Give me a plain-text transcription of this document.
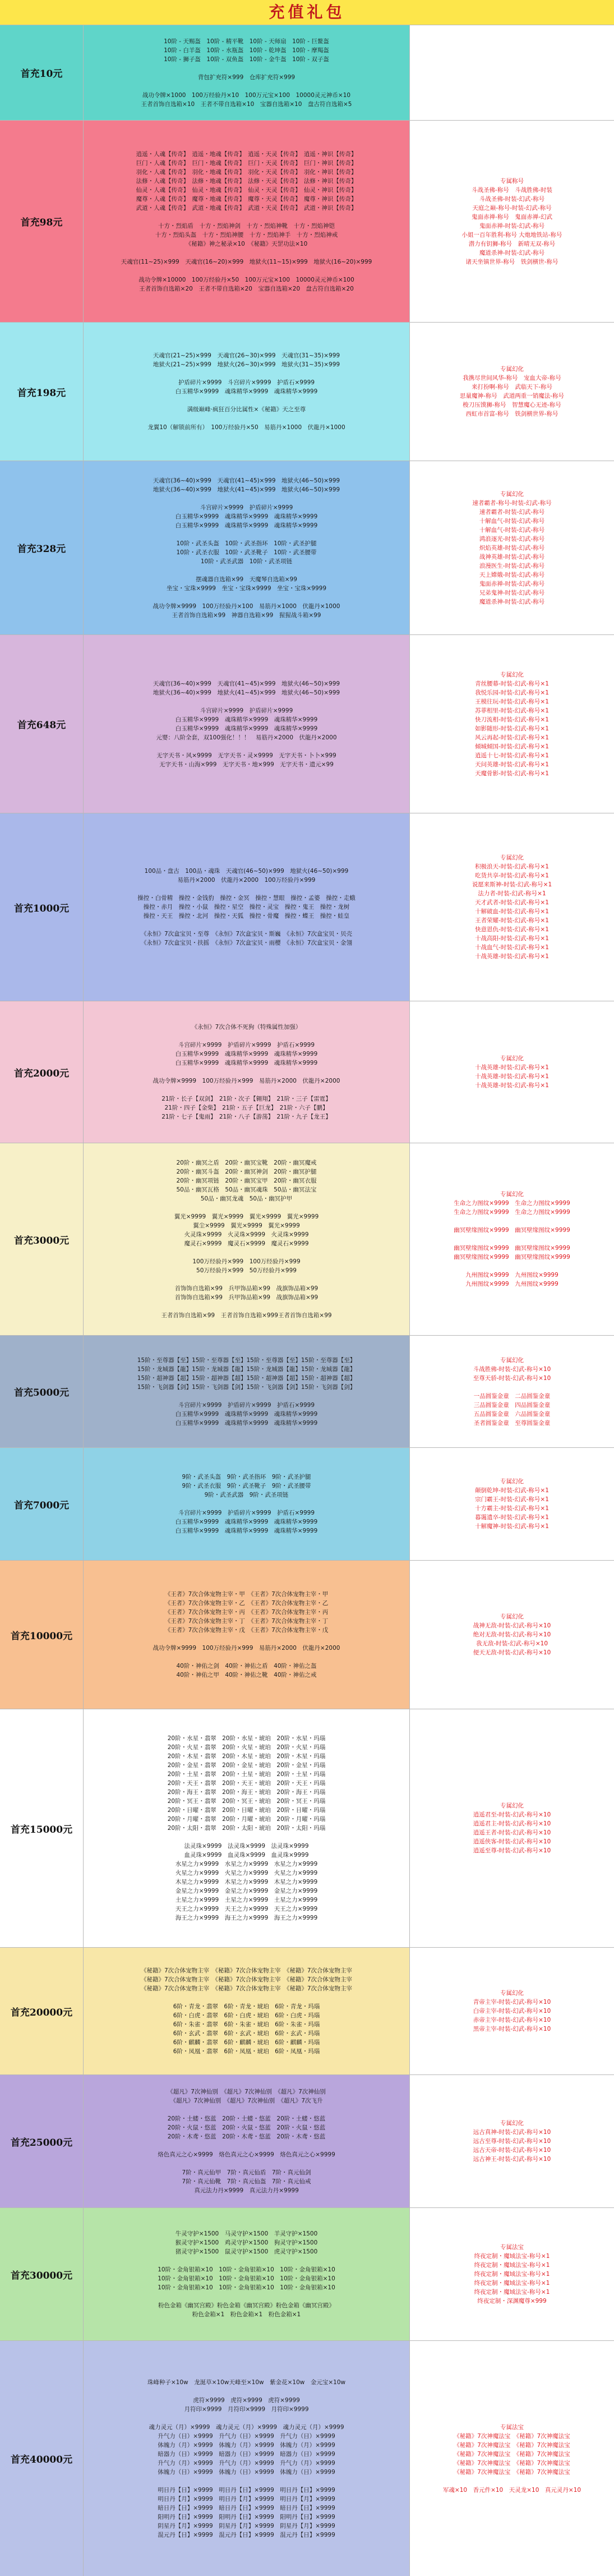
充值礼包
首充10元
10阶 - 天赐盔　10阶 - 精平靴　10阶 - 天师扇　10阶 - 巨鳌盔
10阶 - 白羊盔　10阶 - 水瓶盔　10阶 - 乾坤盔　10阶 - 摩羯盔
10阶 - 狮子盔　10阶 - 双鱼盔　10阶 - 金牛盔　10阶 - 双子盔

背包扩充符×999　仓库扩充符×999

战功令牌×1000　100万经验丹×10　100万元宝×100　10000灵元神币×10
王者首饰自选箱×10　王者不带自选箱×10　宝器自选箱×10　盘古符自选箱×5
首充98元
逍遥・人魂【传奇】　逍遥・地魂【传奇】　逍遥・天灵【传奇】　逍遥・神识【传奇】
巨门・人魂【传奇】　巨门・地魂【传奇】　巨门・天灵【传奇】　巨门・神识【传奇】
羽化・人魂【传奇】　羽化・地魂【传奇】　羽化・天灵【传奇】　羽化・神识【传奇】
法修・人魂【传奇】　法修・地魂【传奇】　法修・天灵【传奇】　法修・神识【传奇】
仙灵・人魂【传奇】　仙灵・地魂【传奇】　仙灵・天灵【传奇】　仙灵・神识【传奇】
魔尊・人魂【传奇】　魔尊・地魂【传奇】　魔尊・天灵【传奇】　魔尊・神识【传奇】
武道・人魂【传奇】　武道・地魂【传奇】　武道・天灵【传奇】　武道・神识【传奇】

十方・烈焰盾　十方・烈焰神剑　十方・烈焰神靴　十方・烈焰神铠
十方・烈焰头盔　十方・烈焰神腰　十方・烈焰神手　十方・烈焰神戒
《秘籍》神之秘录×10　《秘籍》天罡功法×10

天魂官(11~25)×999　天魂官(16~20)×999　地狱火(11~15)×999　地狱火(16~20)×999

战功令牌×10000　100万经验丹×50　100万元宝×100　10000灵元神币×100
王者首饰自选箱×20　王者不带自选箱×20　宝器自选箱×20　盘古符自选箱×20
专属称号
斗战圣佛-称号　斗战胜佛-时装
斗战圣佛-时装-幻武-称号
天庭之巅-称号-时装-幻武-称号
鬼面赤禅-称号　鬼面赤禅-幻武
鬼面赤禅-时装-幻武-称号
小姐一百年胜利-称号 大炮地铁站-称号
潜力有钥狮-称号　新晴无双-称号
魔道杀神-时装-幻武-称号
诸天坐镇世界-称号　铁剑横世-称号
首充198元
天魂官(21~25)×999　天魂官(26~30)×999　天魂官(31~35)×999
地狱火(21~25)×999　地狱火(26~30)×999　地狱火(31~35)×999

护盾碎片×9999　斗宫碎片×9999　护盾石×9999
白玉精华×9999　魂珠精华×9999　魂珠精华×9999

满级巅峰·疯狂百分比属性×《秘籍》天之至尊

龙翼10（解锁前所有）　100万经验丹×50　易筋丹×1000　伏龍丹×1000
专属幻化
我携尽世间风华-称号　宠血大帝-称号
来打扮啊-称号　武临天下-称号
思量魔神-称号　武道两重一销魔法-称号
梭刀压馍狮-称号　智慧魔心无迹-称号
西虹市首富-称号　铁剑横世界-称号
首充328元
天魂官(36~40)×999　天魂官(41~45)×999　地狱火(46~50)×999
地狱火(36~40)×999　地狱火(41~45)×999　地狱火(46~50)×999

斗宫碎片×9999　护盾碎片×9999
白玉精华×9999　魂珠精华×9999　魂珠精华×9999
白玉精华×9999　魂珠精华×9999　魂珠精华×9999

10阶・武圣头盔　10阶・武圣指环　10阶・武圣护腿
10阶・武圣衣服　10阶・武圣靴子　10阶・武圣腰带
10阶・武圣武器　10阶・武圣项链

摆魂器自选箱×99　天魔琴自选箱×99
坐宝・宝珠×9999　坐宝・宝珠×9999　坐宝・宝珠×9999

战功令牌×9999　100万经验丹×100　易筋丹×1000　伏龍丹×1000
王者首饰自选箱×99　神器自选箱×99　猩猩战斗箱×99
专属幻化
速者霸者-称号-时装-幻武-称号
速者霸者-时装-幻武-称号
十解血气-时装-幻武-称号
十解血气-时装-幻武-称号
鸿浪逐光-时装-幻武-称号
炽焰英雄-时装-幻武-称号
战神英雄-时装-幻武-称号
浪漫医生-时装-幻武-称号
天上嫦娥-时装-幻武-称号
鬼面赤禅-时装-幻武-称号
兄弟鬼神-时装-幻武-称号
魔道杀神-时装-幻武-称号
首充648元
天魂官(36~40)×999　天魂官(41~45)×999　地狱火(46~50)×999
地狱火(36~40)×999　地狱火(41~45)×999　地狱火(46~50)×999

斗宫碎片×9999　护盾碎片×9999
白玉精华×9999　魂珠精华×9999　魂珠精华×9999
白玉精华×9999　魂珠精华×9999　魂珠精华×9999
元婴：八阶全套，双100强化！！！　易筋丹×2000　伏龍丹×2000

无字天书・风×9999　无字天书・灵×9999　无字天书・卜卜×999
无字天书・山海×999　无字天书・地×999　无字天书・遗元×99
专属幻化
青丝腰幕-时装-幻武-称号×1
我悦乐园-时装-幻武-称号×1
王模往玩-时装-幻武-称号×1
苏菲相里-时装-幻武-称号×1
快刀流相-时装-幻武-称号×1
如影随形-时装-幻武-称号×1
风云再起-时装-幻武-称号×1
倾城倾国-时装-幻武-称号×1
逍遥十七-时装-幻武-称号×1
天问英雄-时装-幻武-称号×1
天魔骨影-时装-幻武-称号×1
首充1000元
100品・盘古　100品・魂珠　天魂官(46~50)×999　地狱火(46~50)×999
易筋丹×2000　伏龍丹×2000　100万经验丹×999

操控・白骨精　操控・金钱豹　操控・金冥　操控・慧眼　操控・孟婆　操控・走蛾
操控・赤月　操控・小鼠　操控・星空　操控・灵宝　操控・鬼王　操控・龙树
操控・天王　操控・北河　操控・天狐　操控・骨魔　操控・蝶王　操控・蛙皇

《永恒》7次盒宝贝・至尊　《永恒》7次盒宝贝・斯巍　《永恒》7次盒宝贝・贝壳
《永恒》7次盒宝贝・扶摇　《永恒》7次盒宝贝・雨樱　《永恒》7次盒宝贝・金翎
专属幻化
积极浪天-时装-幻武-称号×1
吃货共享-时装-幻武-称号×1
说愿来斯神-时装-幻武-称号×1
法力者-时装-幻武-称号×1
天才武者-时装-幻武-称号×1
十解破血-时装-幻武-称号×1
王者荣耀-时装-幻武-称号×1
快意恩仇-时装-幻武-称号×1
十战高阳-时装-幻武-称号×1
十战血气-时装-幻武-称号×1
十战英雄-时装-幻武-称号×1
首充2000元
《永恒》7次合体不死狗（特殊属性加强）

斗宫碎片×9999　护盾碎片×9999　护盾石×9999
白玉精华×9999　魂珠精华×9999　魂珠精华×9999
白玉精华×9999　魂珠精华×9999　魂珠精华×9999

战功令牌×9999　100万经验丹×999　易筋丹×2000　伏龍丹×2000

21阶・长子【双剑】　21阶・次子【翱翔】　21阶・三子【雷霆】
21阶・四子【金柴】　21阶・五子【巨龙】　21阶・六子【鹏】
21阶・七子【鬼雨】　21阶・八子【游荡】　21阶・九子【龙王】
专属幻化
十战英雄-时装-幻武-称号×1
十战英雄-时装-幻武-称号×1
十战英雄-时装-幻武-称号×1
首充3000元
20阶・幽冥之盾　20阶・幽冥宝靴　20阶・幽冥魔戒
20阶・幽冥斗盔　20阶・幽冥神剑　20阶・幽冥护腿
20阶・幽冥项链　20阶・幽冥宝甲　20阶・幽冥衣服
50品・幽冥瓦格　50品・幽冥魂珠　50品・幽冥法宝
50品・幽冥龙魂　50品・幽冥护甲

翼光×9999　翼光×9999　翼光×9999　翼光×9999
翼尘×9999　翼光×9999　翼光×9999
火灵珠×9999　火灵珠×9999　火灵珠×9999
魔灵石×9999　魔灵石×9999　魔灵石×9999

100万经验丹×999　100万经验丹×999
50万经验丹×999　50万经验丹×999

首饰饰自选箱×99　兵甲饰品箱×99　战旗饰品箱×99
首饰饰自选箱×99　兵甲饰品箱×99　战旗饰品箱×99

王者首饰自选箱×99　王者首饰自选箱×999王者首饰自选箱×99
专属幻化
生命之力图纹×9999　生命之力图纹×9999
生命之力图纹×9999　生命之力图纹×9999

幽冥壁缘图纹×9999　幽冥壁缘图纹×9999

幽冥壁缘图纹×9999　幽冥壁缘图纹×9999
幽冥壁缘图纹×9999　幽冥壁缘图纹×9999

九州图纹×9999　九州图纹×9999
九州图纹×9999　九州图纹×9999
首充5000元
15阶・至尊器【至】15阶・至尊器【至】15阶・至尊器【至】15阶・至尊器【至】
15阶・龙城器【龍】15阶・龙城器【龍】15阶・龙城器【龍】15阶・龙城器【龍】
15阶・超神器【超】15阶・超神器【超】15阶・超神器【超】15阶・超神器【超】
15阶・飞剑器【剑】15阶・飞剑器【剑】15阶・飞剑器【剑】15阶・飞剑器【剑】

斗宫碎片×9999　护盾碎片×9999　护盾石×9999
白玉精华×9999　魂珠精华×9999　魂珠精华×9999
白玉精华×9999　魂珠精华×9999　魂珠精华×9999
专属幻化
斗战胜佛-时装-幻武-称号×10
至尊天骄-时装-幻武-称号×10

一品圆鉴金童　二品圆鉴金童
三品圆鉴金童　四品圆鉴金童
五品圆鉴金童　六品圆鉴金童
圣者圆鉴金童　至尊圆鉴金童
首充7000元
9阶・武圣头盔　9阶・武圣指环　9阶・武圣护腿
9阶・武圣衣服　9阶・武圣靴子　9阶・武圣腰带
9阶・武圣武器　9阶・武圣项链

斗宫碎片×9999　护盾碎片×9999　护盾石×9999
白玉精华×9999　魂珠精华×9999　魂珠精华×9999
白玉精华×9999　魂珠精华×9999　魂珠精华×9999
专属幻化
颠倒乾坤-时装-幻武-称号×1
宗门霸王-时装-幻武-称号×1
十方霸主-时装-幻武-称号×1
暮霭遗卒-时装-幻武-称号×1
十解魔神-时装-幻武-称号×1
首充10000元
《王者》7次合体宠物主宰・甲　《王者》7次合体宠物主宰・甲
《王者》7次合体宠物主宰・乙　《王者》7次合体宠物主宰・乙
《王者》7次合体宠物主宰・丙　《王者》7次合体宠物主宰・丙
《王者》7次合体宠物主宰・丁　《王者》7次合体宠物主宰・丁
《王者》7次合体宠物主宰・戊　《王者》7次合体宠物主宰・戊

战功令牌×9999　100万经验丹×999　易筋丹×2000　伏龍丹×2000

40阶・神佑之剑　40阶・神佑之盾　40阶・神佑之盔
40阶・神佑之甲　40阶・神佑之靴　40阶・神佑之戒
专属幻化
战神无敌-时装-幻武-称号×10
绝对无敌-时装-幻武-称号×10
我无敌-时装-幻武-称号×10
便天无敌-时装-幻武-称号×10
首充15000元
20阶・水星・翡翠　20阶・水星・琥珀　20阶・水星・玛瑙
20阶・火星・翡翠　20阶・火星・琥珀　20阶・火星・玛瑙
20阶・木星・翡翠　20阶・木星・琥珀　20阶・木星・玛瑙
20阶・金星・翡翠　20阶・金星・琥珀　20阶・金星・玛瑙
20阶・土星・翡翠　20阶・土星・琥珀　20阶・土星・玛瑙
20阶・天王・翡翠　20阶・天王・琥珀　20阶・天王・玛瑙
20阶・海王・翡翠　20阶・海王・琥珀　20阶・海王・玛瑙
20阶・冥王・翡翠　20阶・冥王・琥珀　20阶・冥王・玛瑙
20阶・日曜・翡翠　20阶・日曜・琥珀　20阶・日曜・玛瑙
20阶・月曜・翡翠　20阶・月曜・琥珀　20阶・月曜・玛瑙
20阶・太阳・翡翠　20阶・太阳・琥珀　20阶・太阳・玛瑙

法灵珠×9999　法灵珠×9999　法灵珠×9999
血灵珠×9999　血灵珠×9999　血灵珠×9999
水星之力×9999　水星之力×9999　水星之力×9999
火星之力×9999　火星之力×9999　火星之力×9999
木星之力×9999　木星之力×9999　木星之力×9999
金星之力×9999　金星之力×9999　金星之力×9999
土星之力×9999　土星之力×9999　土星之力×9999
天王之力×9999　天王之力×9999　天王之力×9999
海王之力×9999　海王之力×9999　海王之力×9999
专属幻化
逍遥君至-时装-幻武-称号×10
逍遥君主-时装-幻武-称号×10
逍遥王者-时装-幻武-称号×10
逍遥侠客-时装-幻武-称号×10
逍遥至尊-时装-幻武-称号×10
首充20000元
《秘籍》7次合体宠物主宰　《秘籍》7次合体宠物主宰　《秘籍》7次合体宠物主宰
《秘籍》7次合体宠物主宰　《秘籍》7次合体宠物主宰　《秘籍》7次合体宠物主宰
《秘籍》7次合体宠物主宰　《秘籍》7次合体宠物主宰　《秘籍》7次合体宠物主宰

6阶・青龙・翡翠　6阶・青龙・琥珀　6阶・青龙・玛瑙
6阶・白虎・翡翠　6阶・白虎・琥珀　6阶・白虎・玛瑙
6阶・朱雀・翡翠　6阶・朱雀・琥珀　6阶・朱雀・玛瑙
6阶・玄武・翡翠　6阶・玄武・琥珀　6阶・玄武・玛瑙
6阶・麒麟・翡翠　6阶・麒麟・琥珀　6阶・麒麟・玛瑙
6阶・凤凰・翡翠　6阶・凤凰・琥珀　6阶・凤凰・玛瑙
专属幻化
青帝主宰-时装-幻武-称号×10
白帝主宰-时装-幻武-称号×10
赤帝主宰-时装-幻武-称号×10
黑帝主宰-时装-幻武-称号×10
首充25000元
《超凡》7次神仙别　《超凡》7次神仙别　《超凡》7次神仙别
《超凡》7次神仙别　《超凡》7次神仙别　《超凡》7次飞升

20阶・土蝼・悠蓝　20阶・土蝼・悠蓝　20阶・土蝼・悠蓝
20阶・火鼠・悠蓝　20阶・火鼠・悠蓝　20阶・火鼠・悠蓝
20阶・木鸢・悠蓝　20阶・木鸢・悠蓝　20阶・木鸢・悠蓝

烙色真元之心×9999　烙色真元之心×9999　烙色真元之心×9999

7阶・真元仙甲　7阶・真元仙盾　7阶・真元仙剑
7阶・真元仙靴　7阶・真元仙盔　7阶・真元仙戒
真元法力丹×9999　真元法力丹×9999
专属幻化
远古真神-时装-幻武-称号×10
远古至尊-时装-幻武-称号×10
远古天帝-时装-幻武-称号×10
远古神王-时装-幻武-称号×10
首充30000元
牛灵守护×1500　马灵守护×1500　羊灵守护×1500
猴灵守护×1500　鸡灵守护×1500　狗灵守护×1500
猪灵守护×1500　鼠灵守护×1500　虎灵守护×1500

10阶・金角银箱×10　10阶・金角银箱×10　10阶・金角银箱×10
10阶・金角银箱×10　10阶・金角银箱×10　10阶・金角银箱×10
10阶・金角银箱×10　10阶・金角银箱×10　10阶・金角银箱×10

粉色金箱《幽冥宫殿》粉色金箱《幽冥宫殿》粉色金箱《幽冥宫殿》
粉色金箱×1　粉色金箱×1　粉色金箱×1
专属法宝
终夜定制・魔域法宝-称号×1
终夜定制・魔域法宝-称号×1
终夜定制・魔域法宝-称号×1
终夜定制・魔域法宝-称号×1
终夜定制・魔域法宝-称号×1
终夜定制・深渊魔尊×999
首充40000元
珠峰种子×10w　龙涎草×10w天峰至×10w　紫金花×10w　金元宝×10w

虎符×9999　虎符×9999　虎符×9999
月符印×9999　月符印×9999　月符印×9999

魂力灵元（月）×9999　魂力灵元（月）×9999　魂力灵元（月）×9999
升气力（日）×9999　升气力（日）×9999　升气力（日）×9999
体魄力（月）×9999　体魄力（月）×9999　体魄力（月）×9999
暗器力（日）×9999　暗器力（日）×9999　暗器力（日）×9999
升气力（月）×9999　升气力（月）×9999　升气力（月）×9999
体魄力（日）×9999　体魄力（日）×9999　体魄力（日）×9999

明日丹【日】×9999　明日丹【日】×9999　明日丹【日】×9999
明日丹【月】×9999　明日丹【月】×9999　明日丹【月】×9999
暗日丹【日】×9999　暗日丹【日】×9999　暗日丹【日】×9999
阳明丹【日】×9999　阳明丹【日】×9999　阳明丹【日】×9999
阴星丹【月】×9999　阴星丹【月】×9999　阴星丹【月】×9999
混元丹【日】×9999　混元丹【日】×9999　混元丹【日】×9999
专属法宝
《秘籍》7次神魔法宝　《秘籍》7次神魔法宝
《秘籍》7次神魔法宝　《秘籍》7次神魔法宝
《秘籍》7次神魔法宝　《秘籍》7次神魔法宝
《秘籍》7次神魔法宝　《秘籍》7次神魔法宝
《秘籍》7次神魔法宝　《秘籍》7次神魔法宝

军魂×10　香元件×10　天灵龙×10　真元灵丹×10
